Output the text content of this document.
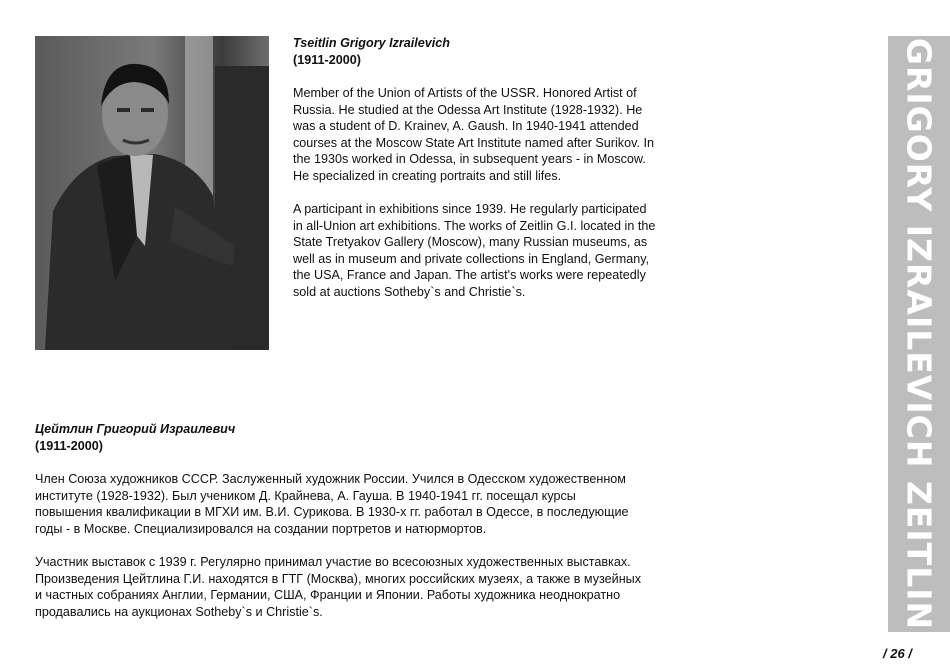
Tseitlin Grigory Izrailevich

(1911-2000)

Member of the Union of Artists of the USSR. Honored Artist of Russia. He studied at the Odessa Art Institute (1928-1932). He was a student of D. Krainev, A. Gaush. In 1940-1941 attended courses at the Moscow State Art Institute named after Surikov. In the 1930s worked in Odessa, in subsequent years - in Moscow. He specialized in creating portraits and still lifes.

A participant in exhibitions since 1939. He regularly participated in all-Union art exhibitions. The works of Zeitlin G.I. located in the State Tretyakov Gallery (Moscow), many Russian museums, as well as in museum and private collections in England, Germany, the USA, France and Japan. The artist's works were repeatedly sold at auctions Sotheby`s and Christie`s.

Цейтлин Григорий Израилевич

(1911-2000)

Член Союза художников СССР. Заслуженный художник России. Учился в Одесском художественном институте (1928-1932). Был учеником Д. Крайнева, А. Гауша. В 1940-1941 гг. посещал курсы повышения квалификации в МГХИ им. В.И. Сурикова. В 1930-х гг. работал в Одессе, в последующие годы - в Москве. Специализировался на создании портретов и натюрмортов.

Участник выставок с 1939 г. Регулярно принимал участие во всесоюзных художественных выставках. Произведения Цейтлина Г.И. находятся в ГТГ (Москва), многих российских музеях, а также в музейных и частных собраниях Англии, Германии, США, Франции и Японии. Работы художника неоднократно продавались на аукционах Sotheby`s и Christie`s.	GRIGORY IZRAILEVICH ZEITLIN
/ 26 /
